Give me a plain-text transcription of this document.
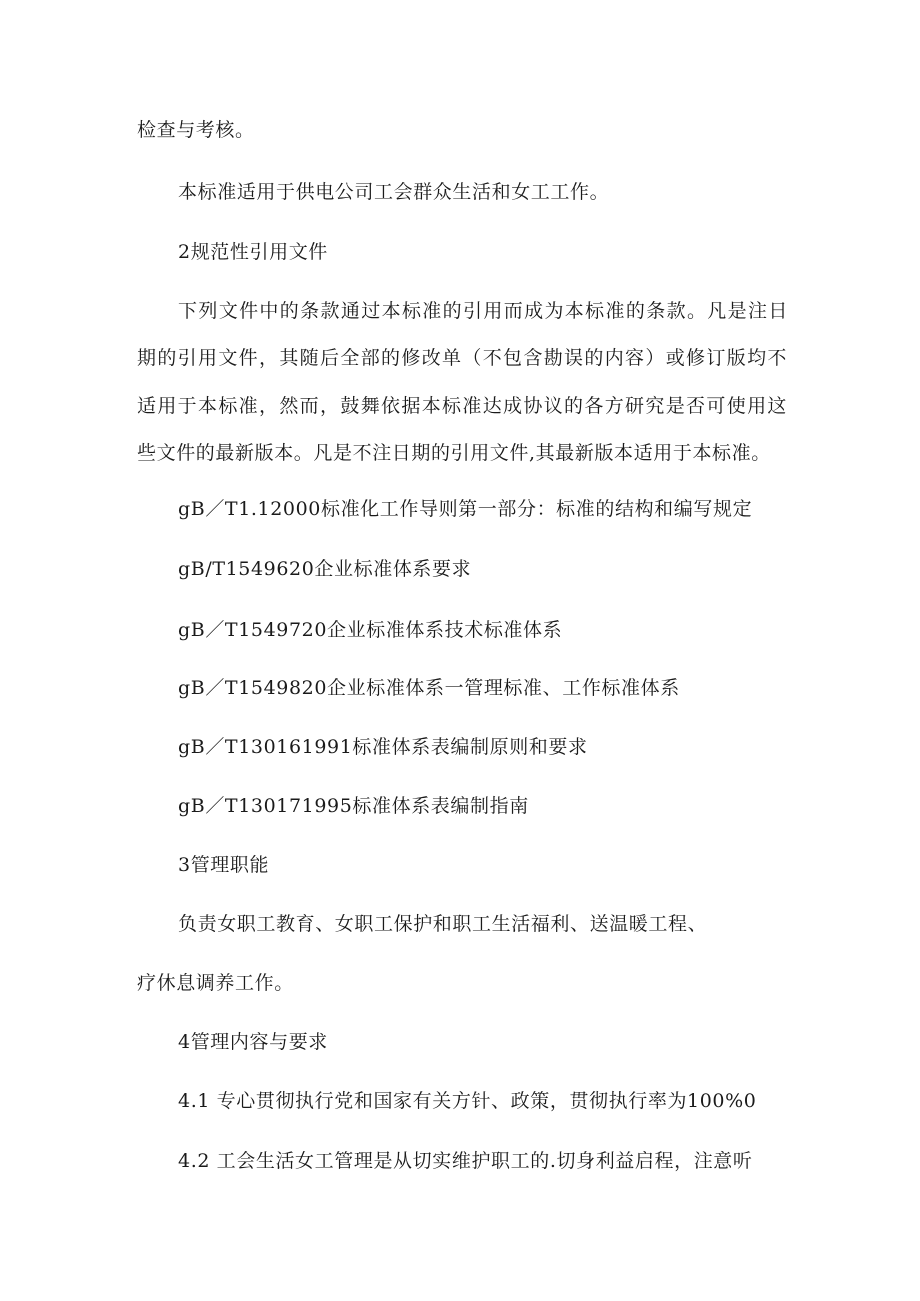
检查与考核。
本标准适用于供电公司工会群众生活和女工工作。
2规范性引用文件
下列文件中的条款通过本标准的引用而成为本标准的条款。凡是注日
期的引用文件，其随后全部的修改单（不包含勘误的内容）或修订版均不
适用于本标准，然而，鼓舞依据本标准达成协议的各方研究是否可使用这
些文件的最新版本。凡是不注日期的引用文件,其最新版本适用于本标准。
gB／T1.12000标准化工作导则第一部分：标准的结构和编写规定
gB/T1549620企业标准体系要求
gB／T1549720企业标准体系技术标准体系
gB／T1549820企业标准体系一管理标准、工作标准体系
gB／T130161991标准体系表编制原则和要求
gB／T130171995标准体系表编制指南
3管理职能
负责女职工教育、女职工保护和职工生活福利、送温暖工程、
疗休息调养工作。
4管理内容与要求
4.1 专心贯彻执行党和国家有关方针、政策，贯彻执行率为100%0
4.2 工会生活女工管理是从切实维护职工的.切身利益启程，注意听
